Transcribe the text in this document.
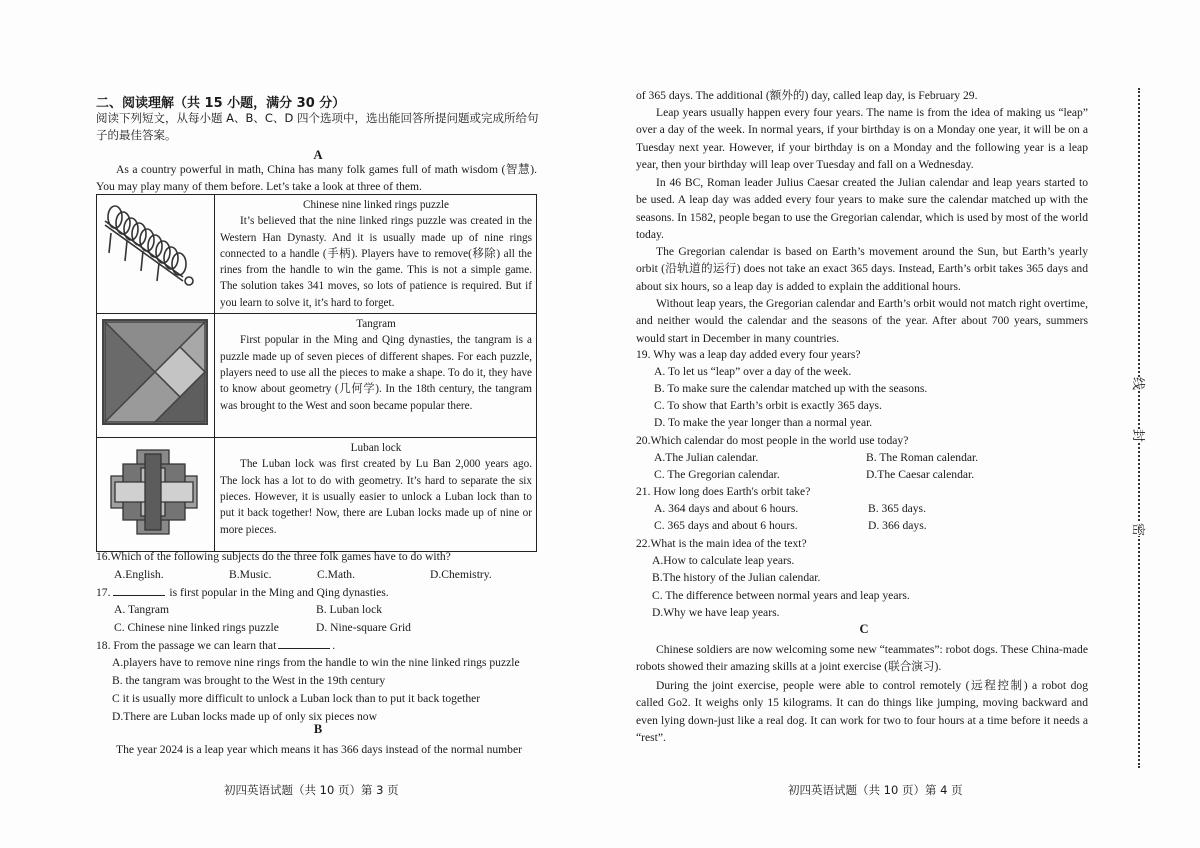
二、阅读理解（共 15 小题，满分 30 分）
阅读下列短文，从每小题 A、B、C、D 四个选项中，选出能回答所提问题或完成所给句子的最佳答案。
A
As a country powerful in math, China has many folk games full of math wisdom (智慧). You may play many of them before. Let’s take a look at three of them.

Chinese nine linked rings puzzle
It’s believed that the nine linked rings puzzle was created in the Western Han Dynasty. And it is usually made up of nine rings connected to a handle (手柄). Players have to remove(移除) all the rines from the handle to win the game. This is not a simple game. The solution takes 341 moves, so lots of patience is required. But if you learn to solve it, it’s hard to forget.

Tangram
First popular in the Ming and Qing dynasties, the tangram is a puzzle made up of seven pieces of different shapes. For each puzzle, players need to use all the pieces to make a shape. To do it, they have to know about geometry (几何学). In the 18th century, the tangram was brought to the West and soon became popular there.

Luban lock
The Luban lock was first created by Lu Ban 2,000 years ago. The lock has a lot to do with geometry. It’s hard to separate the six pieces. However, it is usually easier to unlock a Luban lock than to put it back together! Now, there are Luban locks made up of nine or more pieces.
16.Which of the following subjects do the three folk games have to do with?
A.English.	B.Music.	C.Math.	D.Chemistry.
17.	is first popular in the Ming and Qing dynasties.
A. Tangram	B. Luban lock
C. Chinese nine linked rings puzzle	D. Nine-square Grid
18. From the passage we can learn that	.
A.players have to remove nine rings from the handle to win the nine linked rings puzzle
B. the tangram was brought to the West in the 19th century
C it is usually more difficult to unlock a Luban lock than to put it back together
D.There are Luban locks made up of only six pieces now
B
The year 2024 is a leap year which means it has 366 days instead of the normal number
初四英语试题（共 10 页）第 3 页
of 365 days. The additional (额外的) day, called leap day, is February 29.
Leap years usually happen every four years. The name is from the idea of making us “leap” over a day of the week. In normal years, if your birthday is on a Monday one year, it will be on a Tuesday next year. However, if your birthday is on a Monday and the following year is a leap year, then your birthday will leap over Tuesday and fall on a Wednesday.
In 46 BC, Roman leader Julius Caesar created the Julian calendar and leap years started to be used. A leap day was added every four years to make sure the calendar matched up with the seasons. In 1582, people began to use the Gregorian calendar, which is used by most of the world today.
The Gregorian calendar is based on Earth’s movement around the Sun, but Earth’s yearly orbit (沿轨道的运行) does not take an exact 365 days. Instead, Earth’s orbit takes 365 days and about six hours, so a leap day is added to explain the additional hours.
Without leap years, the Gregorian calendar and Earth’s orbit would not match right overtime, and neither would the calendar and the seasons of the year. After about 700 years, summers would start in December in many countries.
19. Why was a leap day added every four years?
A. To let us “leap” over a day of the week.
B. To make sure the calendar matched up with the seasons.
C. To show that Earth’s orbit is exactly 365 days.
D. To make the year longer than a normal year.
20.Which calendar do most people in the world use today?
A.The Julian calendar.	B. The Roman calendar.
C. The Gregorian calendar.	D.The Caesar calendar.
21. How long does Earth's orbit take?
A. 364 days and about 6 hours.	B. 365 days.
C. 365 days and about 6 hours.	D. 366 days.
22.What is the main idea of the text?
A.How to calculate leap years.
B.The history of the Julian calendar.
C. The difference between normal years and leap years.
D.Why we have leap years.
C
Chinese soldiers are now welcoming some new “teammates”: robot dogs. These China-made robots showed their amazing skills at a joint exercise (联合演习).
During the joint exercise, people were able to control remotely (远程控制) a robot dog called Go2. It weighs only 15 kilograms. It can do things like jumping, moving backward and even lying down-just like a real dog. It can work for two to four hours at a time before it needs a “rest”.
初四英语试题（共 10 页）第 4 页
线
封
密
